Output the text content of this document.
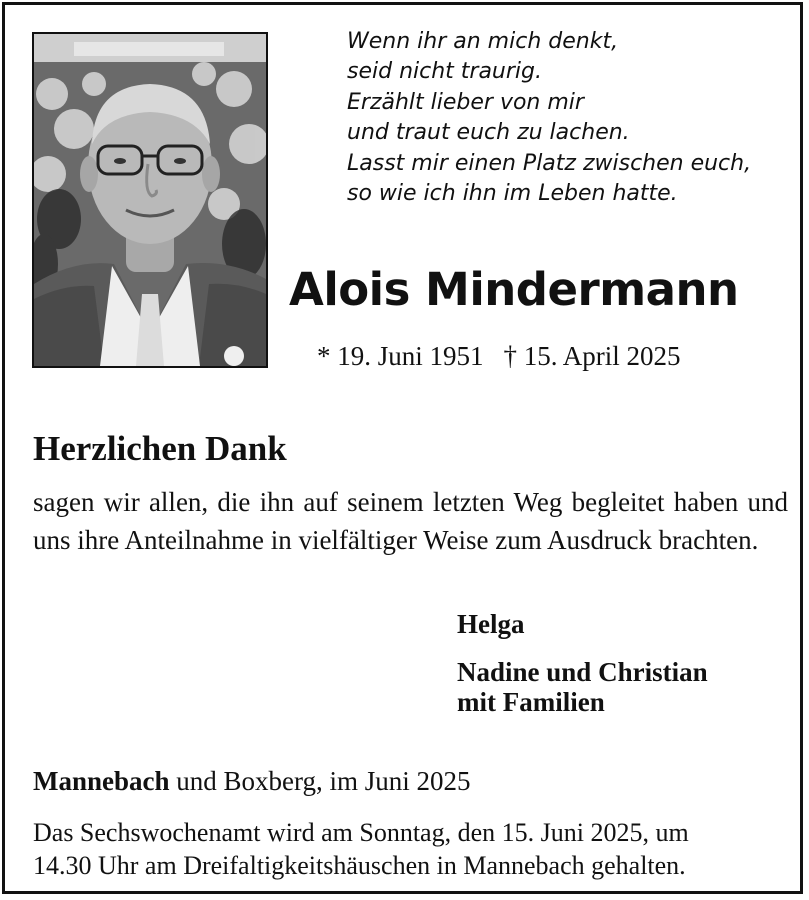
Wenn ihr an mich denkt,
seid nicht traurig.
Erzählt lieber von mir
und traut euch zu lachen.
Lasst mir einen Platz zwischen euch,
so wie ich ihn im Leben hatte.
Alois Mindermann
* 19. Juni 1951 † 15. April 2025
Herzlichen Dank
sagen wir allen, die ihn auf seinem letzten Weg begleitet haben und uns ihre Anteilnahme in vielfältiger Weise zum Ausdruck brachten.
Helga
Nadine und Christian
mit Familien
Mannebach und Boxberg, im Juni 2025
Das Sechswochenamt wird am Sonntag, den 15. Juni 2025, um
14.30 Uhr am Dreifaltigkeitshäuschen in Mannebach gehalten.
